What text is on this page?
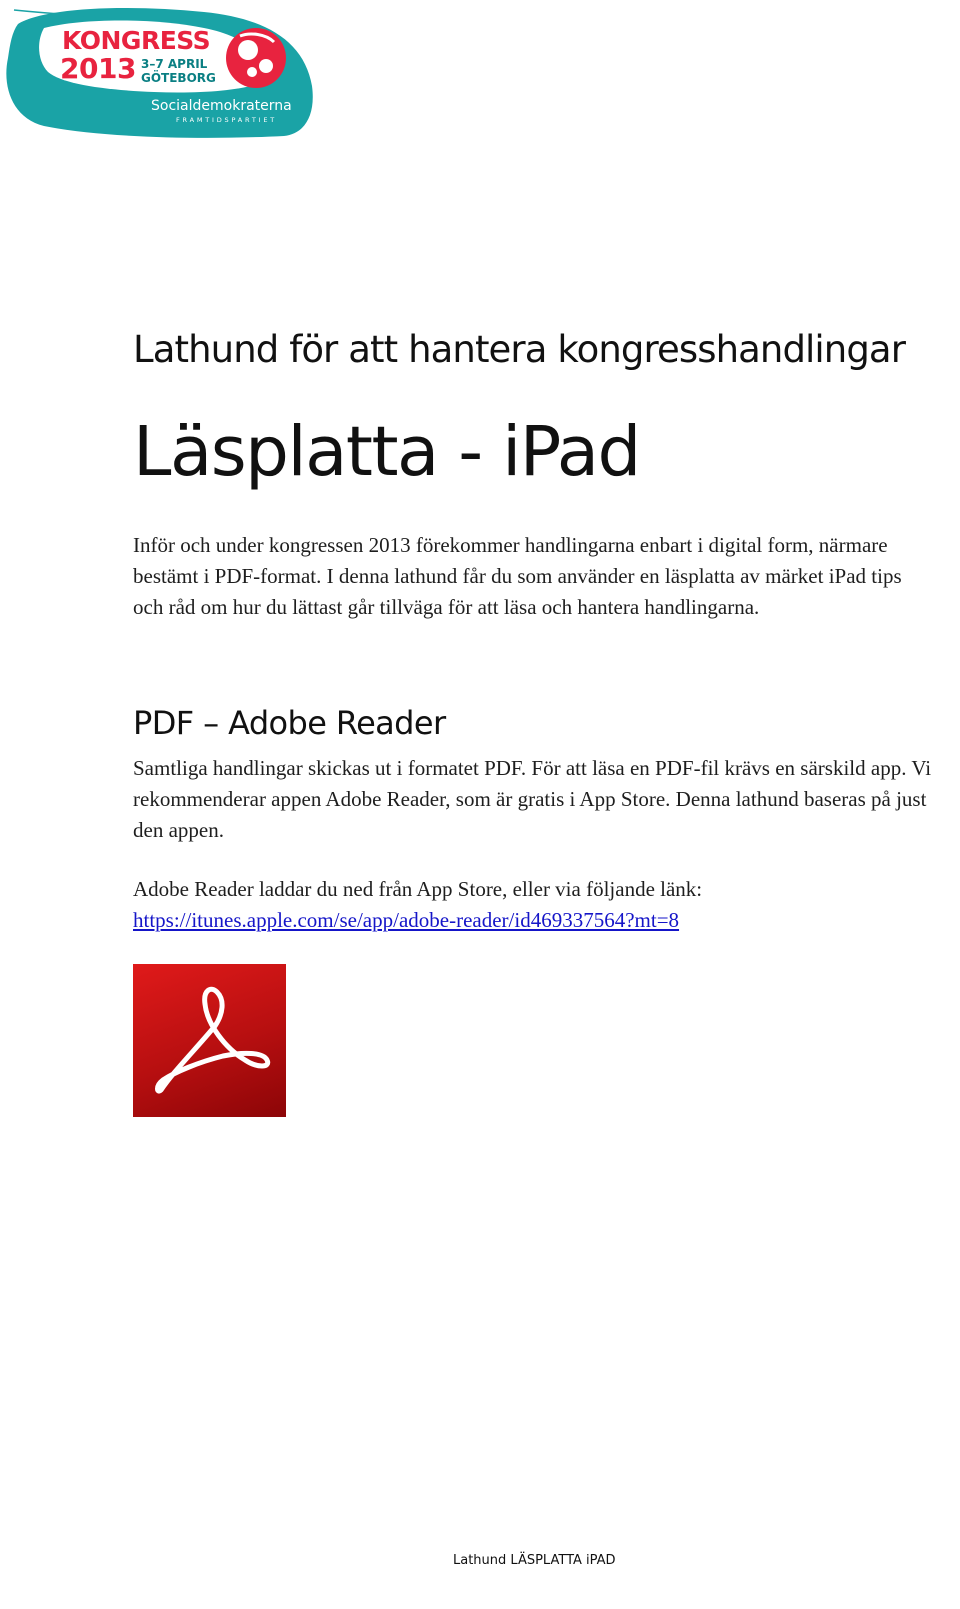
KONGRESS
2013 3–7 APRIL
GÖTEBORG
Socialdemokraterna
FRAMTIDSPARTIET
Lathund för att hantera kongresshandlingar
Läsplatta - iPad

Inför och under kongressen 2013 förekommer handlingarna enbart i digital form, närmare bestämt i PDF-format. I denna lathund får du som använder en läsplatta av märket iPad tips och råd om hur du lättast går tillväga för att läsa och hantera handlingarna.

PDF – Adobe Reader

Samtliga handlingar skickas ut i formatet PDF. För att läsa en PDF-fil krävs en särskild app. Vi rekommenderar appen Adobe Reader, som är gratis i App Store. Denna lathund baseras på just den appen.

Adobe Reader laddar du ned från App Store, eller via följande länk:
https://itunes.apple.com/se/app/adobe-reader/id469337564?mt=8

Lathund LÄSPLATTA iPAD
